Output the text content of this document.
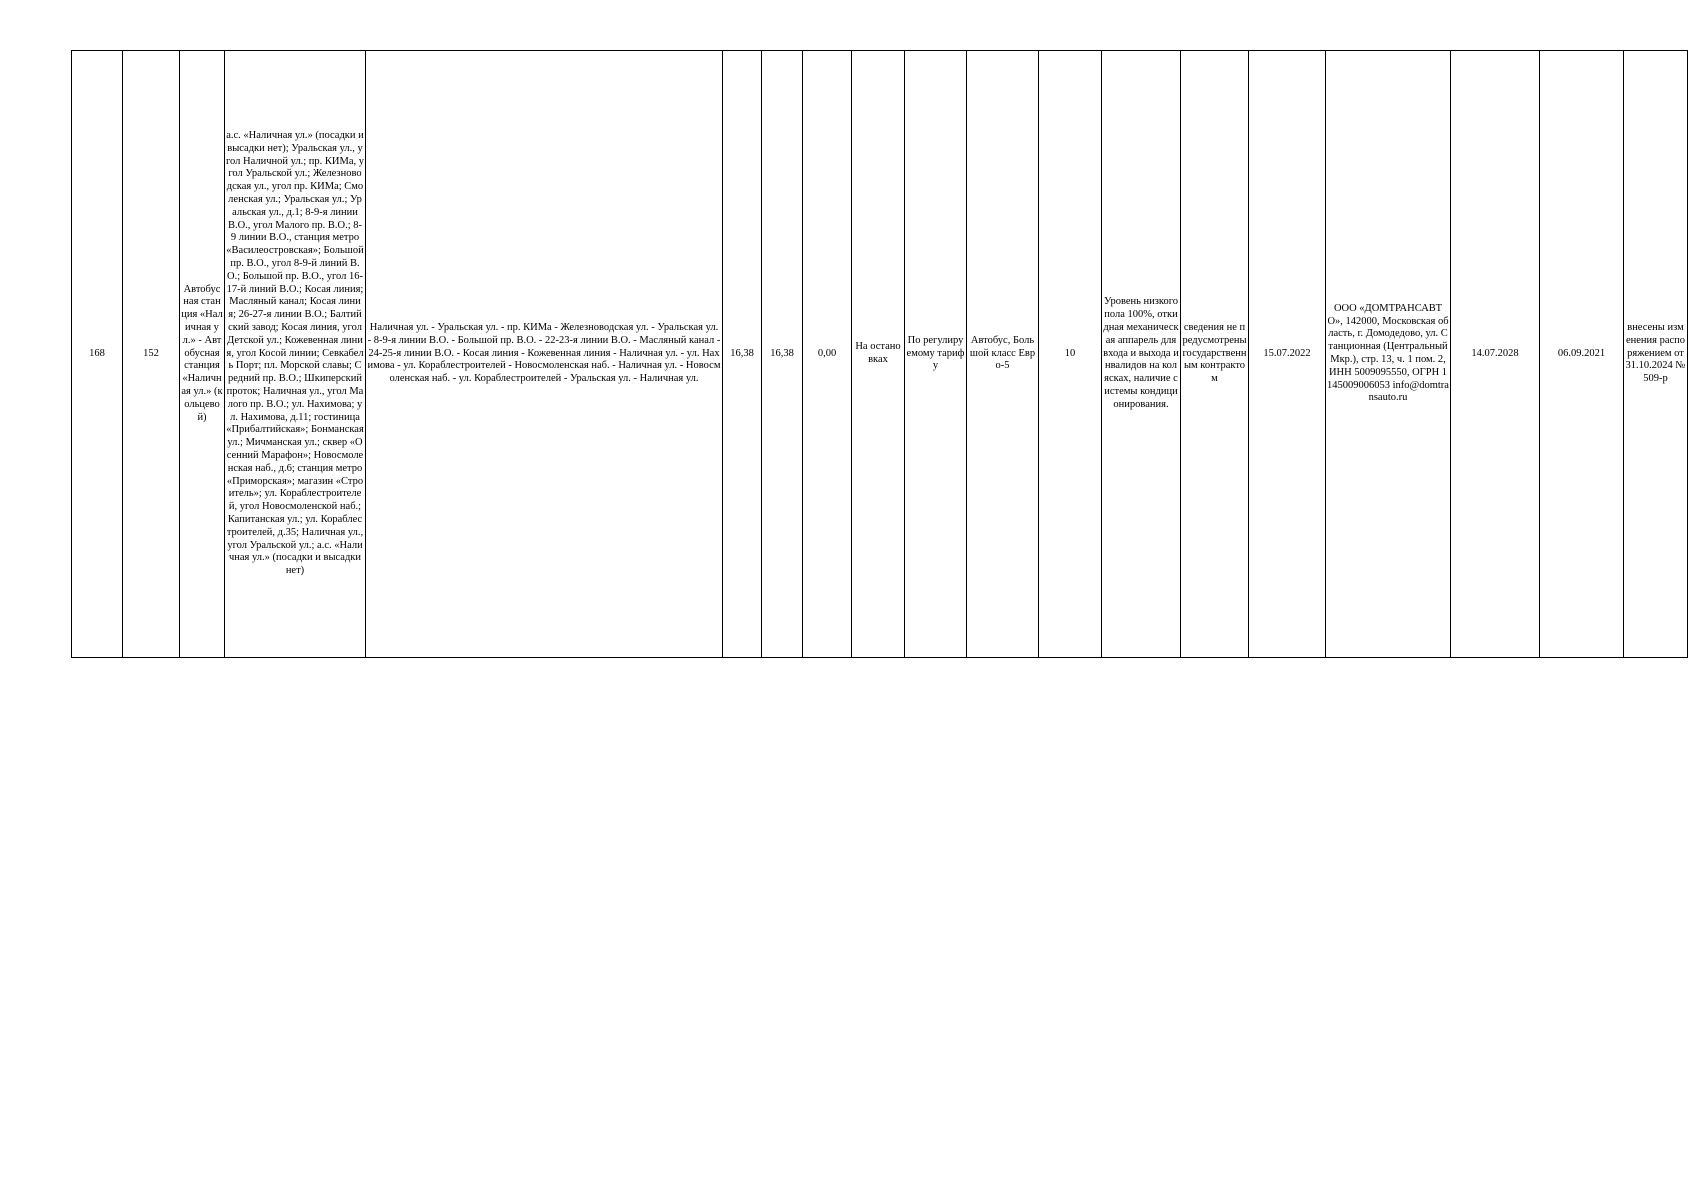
168	152	Автобусная станция «Наличная ул.» - Автобусная станция «Наличная ул.» (кольцевой)	а.с. «Наличная ул.» (посадки и высадки нет); Уральская ул., угол Наличной ул.; пр. КИМа, угол Уральской ул.; Железноводская ул., угол пр. КИМа; Смоленская ул.; Уральская ул.; Уральская ул., д.1; 8-9-я линии В.О., угол Малого пр. В.О.; 8-9 линии В.О., станция метро «Василеостровская»; Большой пр. В.О., угол 8-9-й линий В.О.; Большой пр. В.О., угол 16-17-й линий В.О.; Косая линия; Масляный канал; Косая линия; 26-27-я линии В.О.; Балтийский завод; Косая линия, угол Детской ул.; Кожевенная линия, угол Косой линии; Севкабель Порт; пл. Морской славы; Средний пр. В.О.; Шкиперский проток; Наличная ул., угол Малого пр. В.О.; ул. Нахимова; ул. Нахимова, д.11; гостиница «Прибалтийская»; Бонманская ул.; Мичманская ул.; сквер «Осенний Марафон»; Новосмоленская наб., д.6; станция метро «Приморская»; магазин «Строитель»; ул. Кораблестроителей, угол Новосмоленской наб.; Капитанская ул.; ул. Кораблестроителей, д.35; Наличная ул., угол Уральской ул.; а.с. «Наличная ул.» (посадки и высадки нет)	Наличная ул. - Уральская ул. - пр. КИМа - Железноводская ул. - Уральская ул. - 8-9-я линии В.О. - Большой пр. В.О. - 22-23-я линии В.О. - Масляный канал - 24-25-я линии В.О. - Косая линия - Кожевенная линия - Наличная ул. - ул. Нахимова - ул. Кораблестроителей - Новосмоленская наб. - Наличная ул. - Новосмоленская наб. - ул. Кораблестроителей - Уральская ул. - Наличная ул.	16,38	16,38	0,00	На остановках	По регулируемому тарифу	Автобус, Большой класс Евро-5	10	Уровень низкого пола 100%, откидная механическая аппарель для входа и выхода инвалидов на колясках, наличие системы кондиционирования.	сведения не предусмотрены государственным контрактом	15.07.2022	ООО «ДОМТРАНСАВТО», 142000, Московская область, г. Домодедово, ул. Станционная (Центральный Мкр.), стр. 13, ч. 1 пом. 2, ИНН 5009095550, ОГРН 1145009006053 info@domtransauto.ru	14.07.2028	06.09.2021	внесены изменения распоряжением от 31.10.2024 № 509-р
